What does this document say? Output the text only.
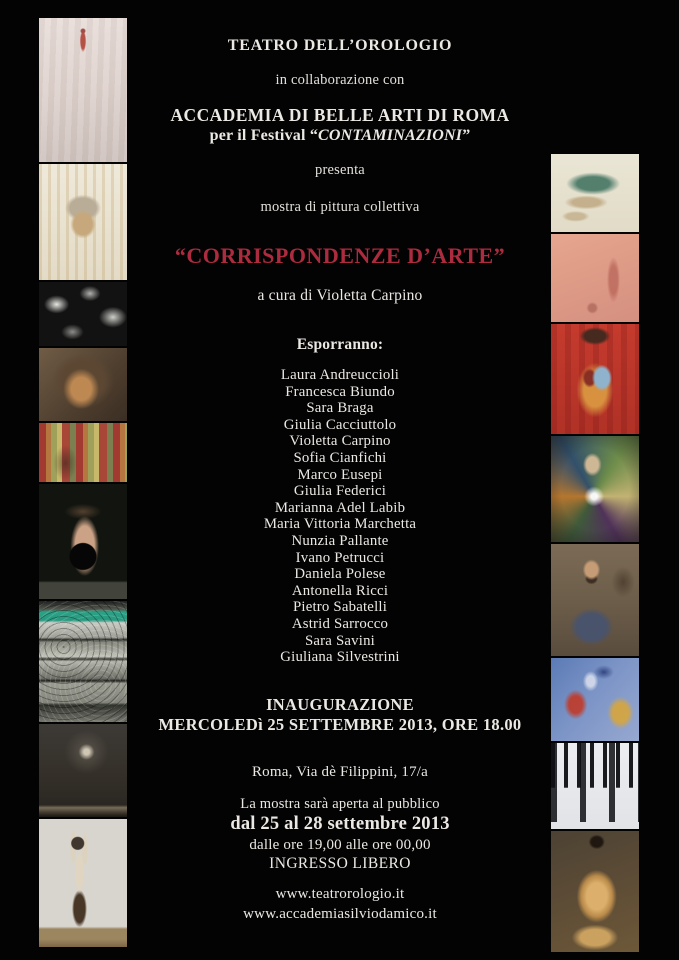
TEATRO DELL’OROLOGIO
in collaborazione con
ACCADEMIA DI BELLE ARTI DI ROMA
per il Festival “CONTAMINAZIONI”
presenta
mostra di pittura collettiva
“CORRISPONDENZE D’ARTE”
a cura di Violetta Carpino
Esporranno:
Laura Andreuccioli
Francesca Biundo
Sara Braga
Giulia Cacciuttolo
Violetta Carpino
Sofia Cianfichi
Marco Eusepi
Giulia Federici
Marianna Adel Labib
Maria Vittoria Marchetta
Nunzia Pallante
Ivano Petrucci
Daniela Polese
Antonella Ricci
Pietro Sabatelli
Astrid Sarrocco
Sara Savini
Giuliana Silvestrini
INAUGURAZIONE
MERCOLEDì 25 SETTEMBRE 2013, ORE 18.00
Roma, Via dè Filippini, 17/a
La mostra sarà aperta al pubblico
dal 25 al 28 settembre 2013
dalle ore 19,00 alle ore 00,00
INGRESSO LIBERO
www.teatrorologio.it
www.accademiasilviodamico.it
